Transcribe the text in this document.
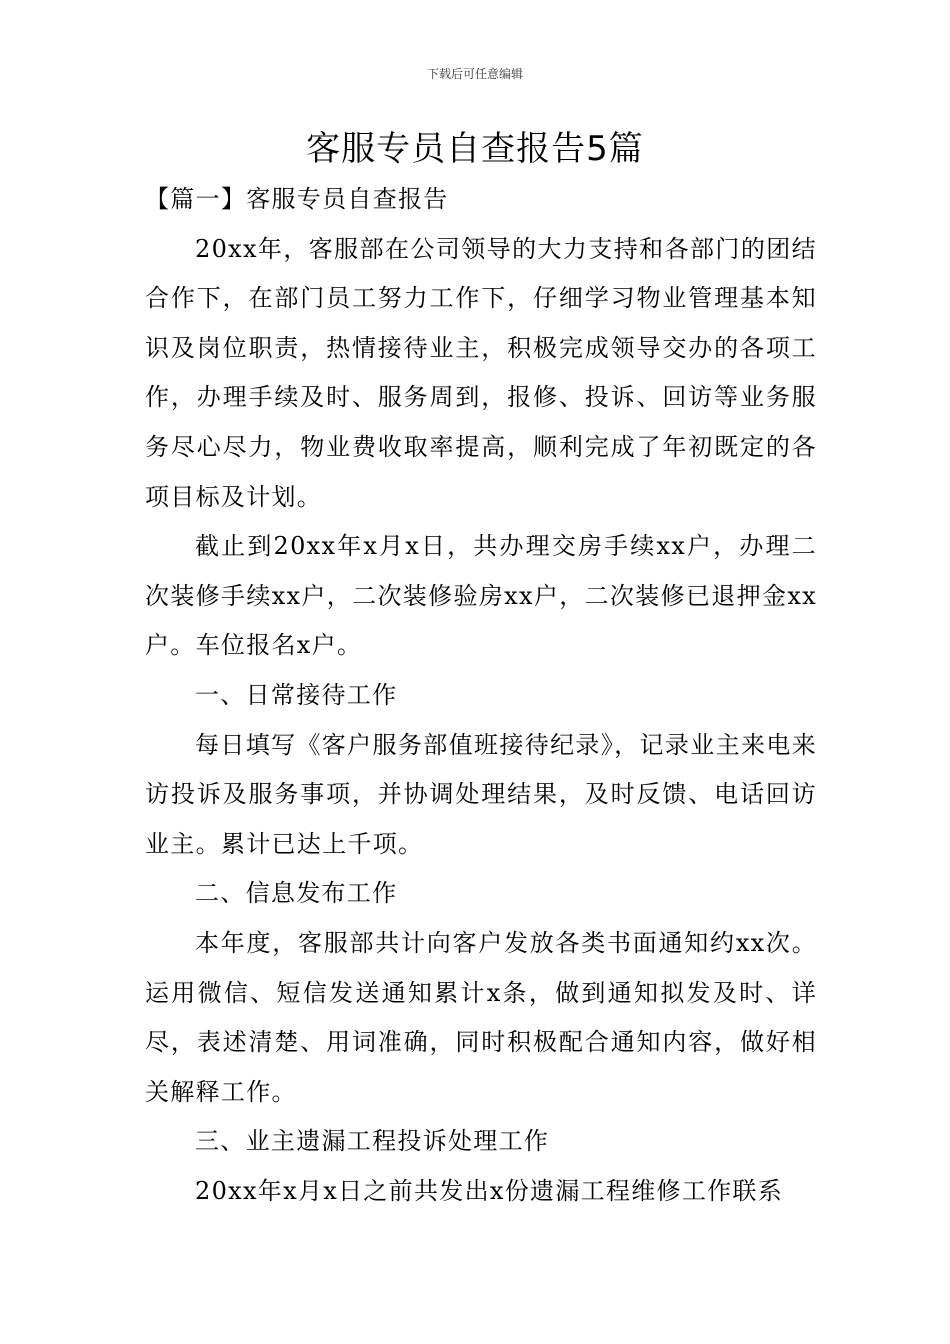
下载后可任意编辑
客服专员自查报告5篇

【篇一】客服专员自查报告

20xx年，客服部在公司领导的大力支持和各部门的团结合作下，在部门员工努力工作下，仔细学习物业管理基本知识及岗位职责，热情接待业主，积极完成领导交办的各项工作，办理手续及时、服务周到，报修、投诉、回访等业务服务尽心尽力，物业费收取率提高，顺利完成了年初既定的各项目标及计划。

截止到20xx年x月x日，共办理交房手续xx户，办理二次装修手续xx户，二次装修验房xx户，二次装修已退押金xx户。车位报名x户。

一、日常接待工作

每日填写《客户服务部值班接待纪录》，记录业主来电来访投诉及服务事项，并协调处理结果，及时反馈、电话回访业主。累计已达上千项。

二、信息发布工作

本年度，客服部共计向客户发放各类书面通知约xx次。运用微信、短信发送通知累计x条，做到通知拟发及时、详尽，表述清楚、用词准确，同时积极配合通知内容，做好相关解释工作。

三、业主遗漏工程投诉处理工作

20xx年x月x日之前共发出x份遗漏工程维修工作联系
